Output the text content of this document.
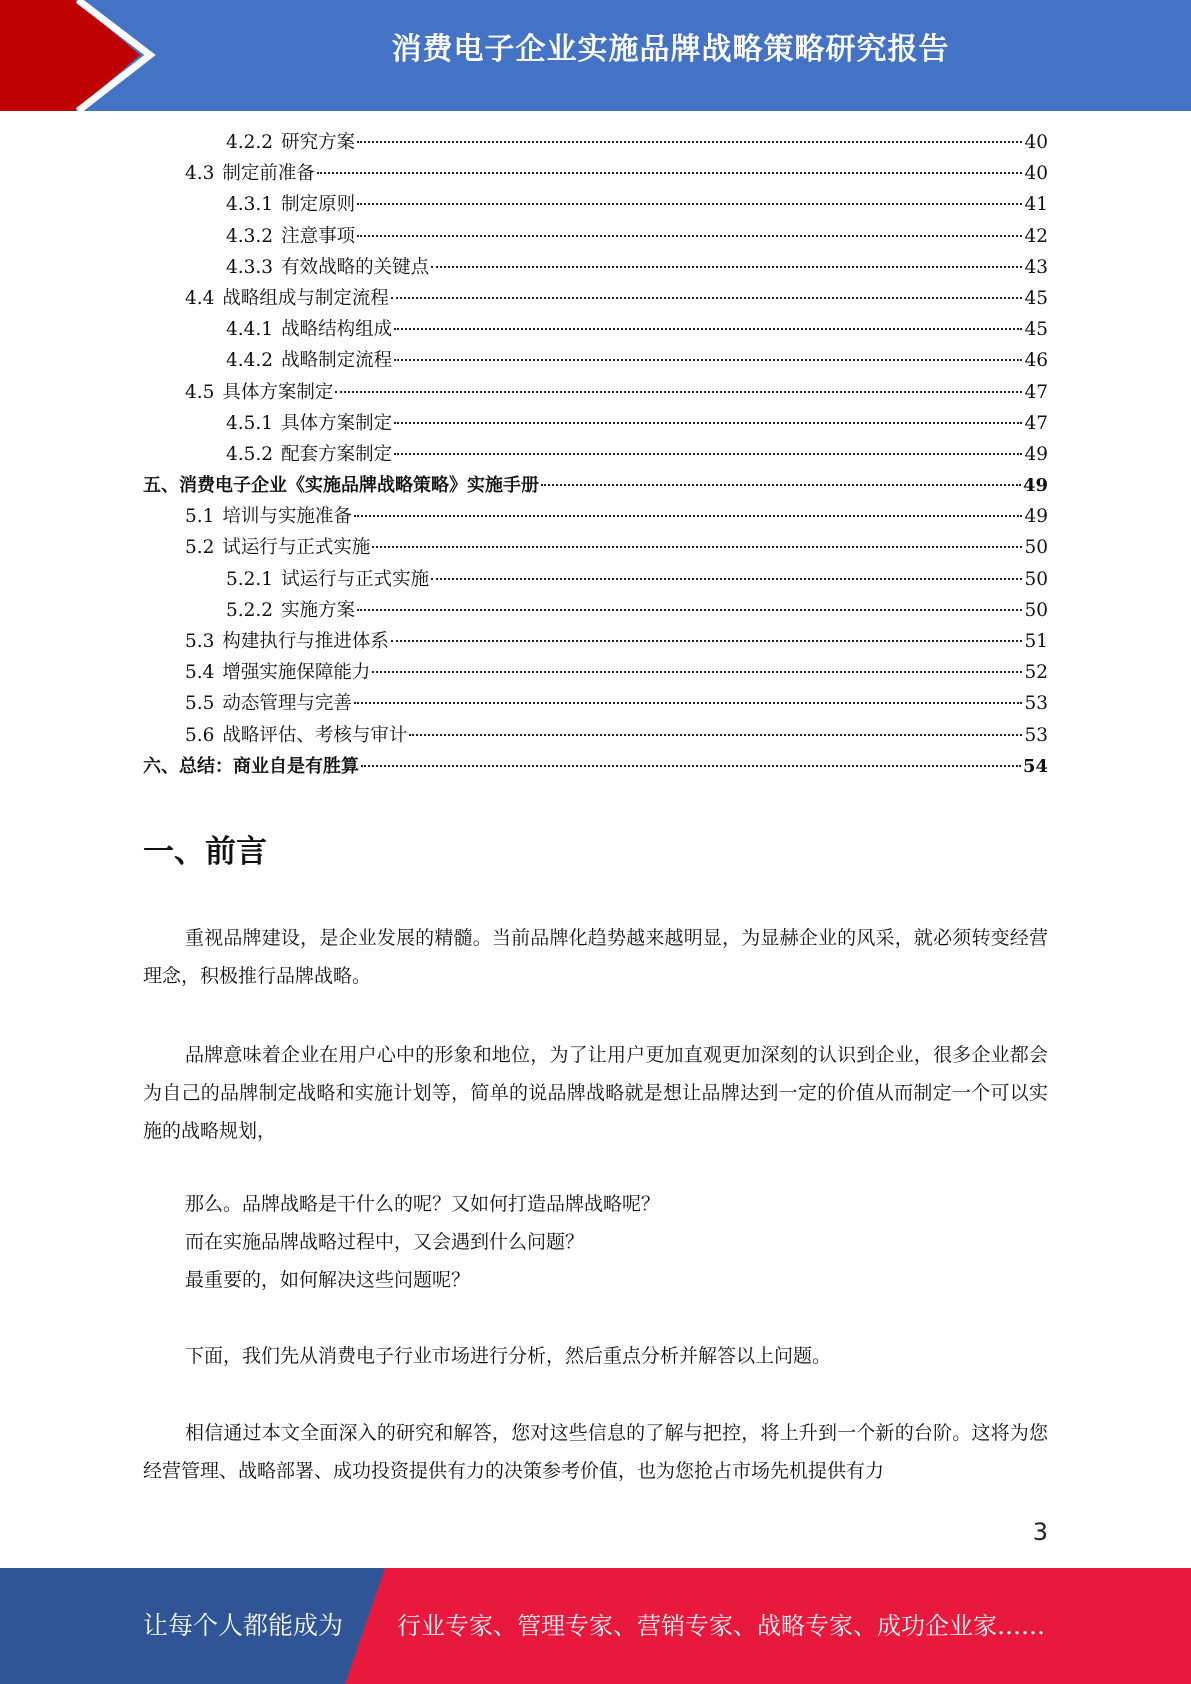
消费电子企业实施品牌战略策略研究报告
4.2.2 研究方案	40
4.3 制定前准备	40
4.3.1 制定原则	41
4.3.2 注意事项	42
4.3.3 有效战略的关键点	43
4.4 战略组成与制定流程	45
4.4.1 战略结构组成	45
4.4.2 战略制定流程	46
4.5 具体方案制定	47
4.5.1 具体方案制定	47
4.5.2 配套方案制定	49
五、 消费电子企业《实施品牌战略策略》实施手册	49
5.1 培训与实施准备	49
5.2 试运行与正式实施	50
5.2.1 试运行与正式实施	50
5.2.2 实施方案	50
5.3 构建执行与推进体系	51
5.4 增强实施保障能力	52
5.5 动态管理与完善	53
5.6 战略评估、考核与审计	53
六、 总结：商业自是有胜算	54
一、前言

重视品牌建设，是企业发展的精髓。当前品牌化趋势越来越明显，为显赫企业的风采，就必须转变经营理念，积极推行品牌战略。

品牌意味着企业在用户心中的形象和地位，为了让用户更加直观更加深刻的认识到企业，很多企业都会为自己的品牌制定战略和实施计划等，简单的说品牌战略就是想让品牌达到一定的价值从而制定一个可以实施的战略规划，

那么。品牌战略是干什么的呢？又如何打造品牌战略呢？

而在实施品牌战略过程中，又会遇到什么问题？

最重要的，如何解决这些问题呢？

下面，我们先从消费电子行业市场进行分析，然后重点分析并解答以上问题。

相信通过本文全面深入的研究和解答，您对这些信息的了解与把控，将上升到一个新的台阶。这将为您经营管理、战略部署、成功投资提供有力的决策参考价值，也为您抢占市场先机提供有力

3
让每个人都能成为 行业专家、管理专家、营销专家、战略专家、成功企业家……
